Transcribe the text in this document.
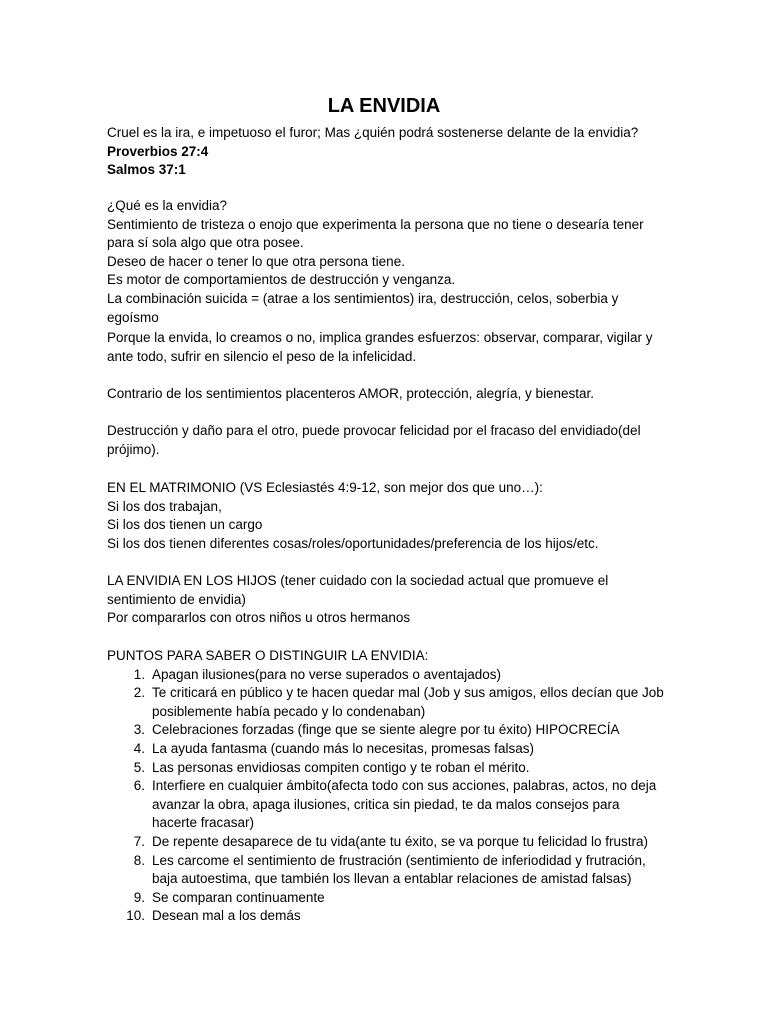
LA ENVIDIA

Cruel es la ira, e impetuoso el furor; Mas ¿quién podrá sostenerse delante de la envidia?

Proverbios 27:4

Salmos 37:1

¿Qué es la envidia?

Sentimiento de tristeza o enojo que experimenta la persona que no tiene o desearía tener para sí sola algo que otra posee.

Deseo de hacer o tener lo que otra persona tiene.

Es motor de comportamientos de destrucción y venganza.

La combinación suicida = (atrae a los sentimientos) ira, destrucción, celos, soberbia y egoísmo

Porque la envida, lo creamos o no, implica grandes esfuerzos: observar, comparar, vigilar y ante todo, sufrir en silencio el peso de la infelicidad.

Contrario de los sentimientos placenteros AMOR, protección, alegría, y bienestar.

Destrucción y daño para el otro, puede provocar felicidad por el fracaso del envidiado(del prójimo).

EN EL MATRIMONIO (VS Eclesiastés 4:9-12, son mejor dos que uno…):

Si los dos trabajan,

Si los dos tienen un cargo

Si los dos tienen diferentes cosas/roles/oportunidades/preferencia de los hijos/etc.

LA ENVIDIA EN LOS HIJOS (tener cuidado con la sociedad actual que promueve el sentimiento de envidia)

Por compararlos con otros niños u otros hermanos

PUNTOS PARA SABER O DISTINGUIR LA ENVIDIA:

1. Apagan ilusiones(para no verse superados o aventajados)
2. Te criticará en público y te hacen quedar mal (Job y sus amigos, ellos decían que Job posiblemente había pecado y lo condenaban)
3. Celebraciones forzadas (finge que se siente alegre por tu éxito) HIPOCRECÍA
4. La ayuda fantasma (cuando más lo necesitas, promesas falsas)
5. Las personas envidiosas compiten contigo y te roban el mérito.
6. Interfiere en cualquier ámbito(afecta todo con sus acciones, palabras, actos, no deja avanzar la obra, apaga ilusiones, critica sin piedad, te da malos consejos para hacerte fracasar)
7. De repente desaparece de tu vida(ante tu éxito, se va porque tu felicidad lo frustra)
8. Les carcome el sentimiento de frustración (sentimiento de inferiodidad y frutración, baja autoestima, que también los llevan a entablar relaciones de amistad falsas)
9. Se comparan continuamente
10. Desean mal a los demás
